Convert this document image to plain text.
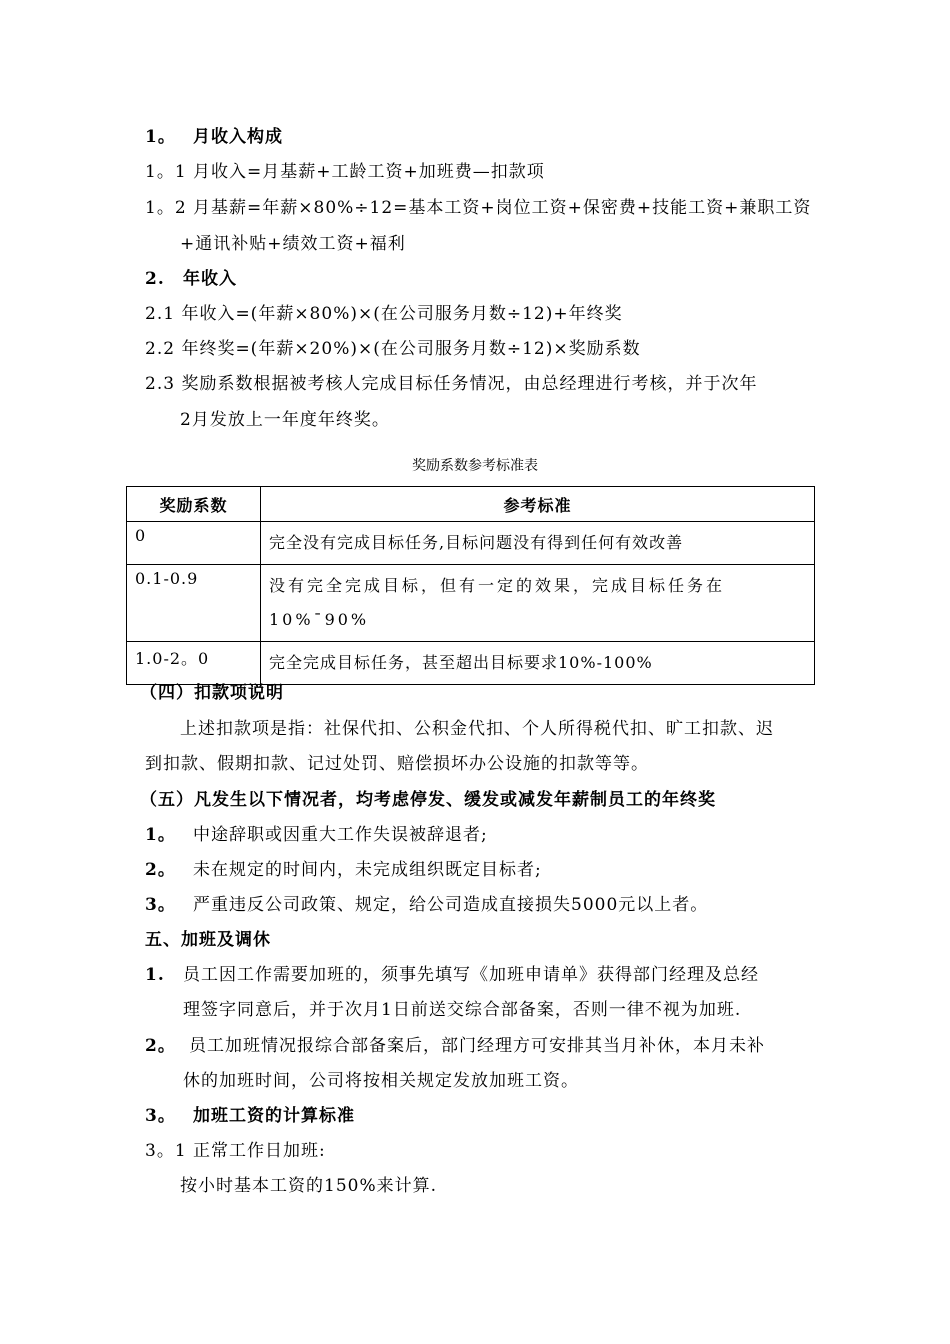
1。 月收入构成
1。1 月收入=月基薪+工龄工资+加班费—扣款项
1。2 月基薪=年薪×80%÷12=基本工资+岗位工资+保密费+技能工资+兼职工资
+通讯补贴+绩效工资+福利
2. 年收入
2.1 年收入=(年薪×80%)×(在公司服务月数÷12)+年终奖
2.2 年终奖=(年薪×20%)×(在公司服务月数÷12)×奖励系数
2.3 奖励系数根据被考核人完成目标任务情况，由总经理进行考核，并于次年
2月发放上一年度年终奖。
奖励系数参考标准表
奖励系数	参考标准
0	完全没有完成目标任务,目标问题没有得到任何有效改善
0.1-0.9	没有完全完成目标，但有一定的效果，完成目标任务在10%¯90%
1.0-2。0	完全完成目标任务，甚至超出目标要求10%-100%
（四）扣款项说明
上述扣款项是指：社保代扣、公积金代扣、个人所得税代扣、旷工扣款、迟
到扣款、假期扣款、记过处罚、赔偿损坏办公设施的扣款等等。
（五）凡发生以下情况者，均考虑停发、缓发或减发年薪制员工的年终奖
1。 中途辞职或因重大工作失误被辞退者;
2。 未在规定的时间内，未完成组织既定目标者;
3。 严重违反公司政策、规定，给公司造成直接损失5000元以上者。
五、加班及调休
1. 员工因工作需要加班的，须事先填写《加班申请单》获得部门经理及总经
理签字同意后，并于次月1日前送交综合部备案，否则一律不视为加班.
2。 员工加班情况报综合部备案后，部门经理方可安排其当月补休，本月未补
休的加班时间，公司将按相关规定发放加班工资。
3。 加班工资的计算标准
3。1 正常工作日加班:
按小时基本工资的150%来计算.
